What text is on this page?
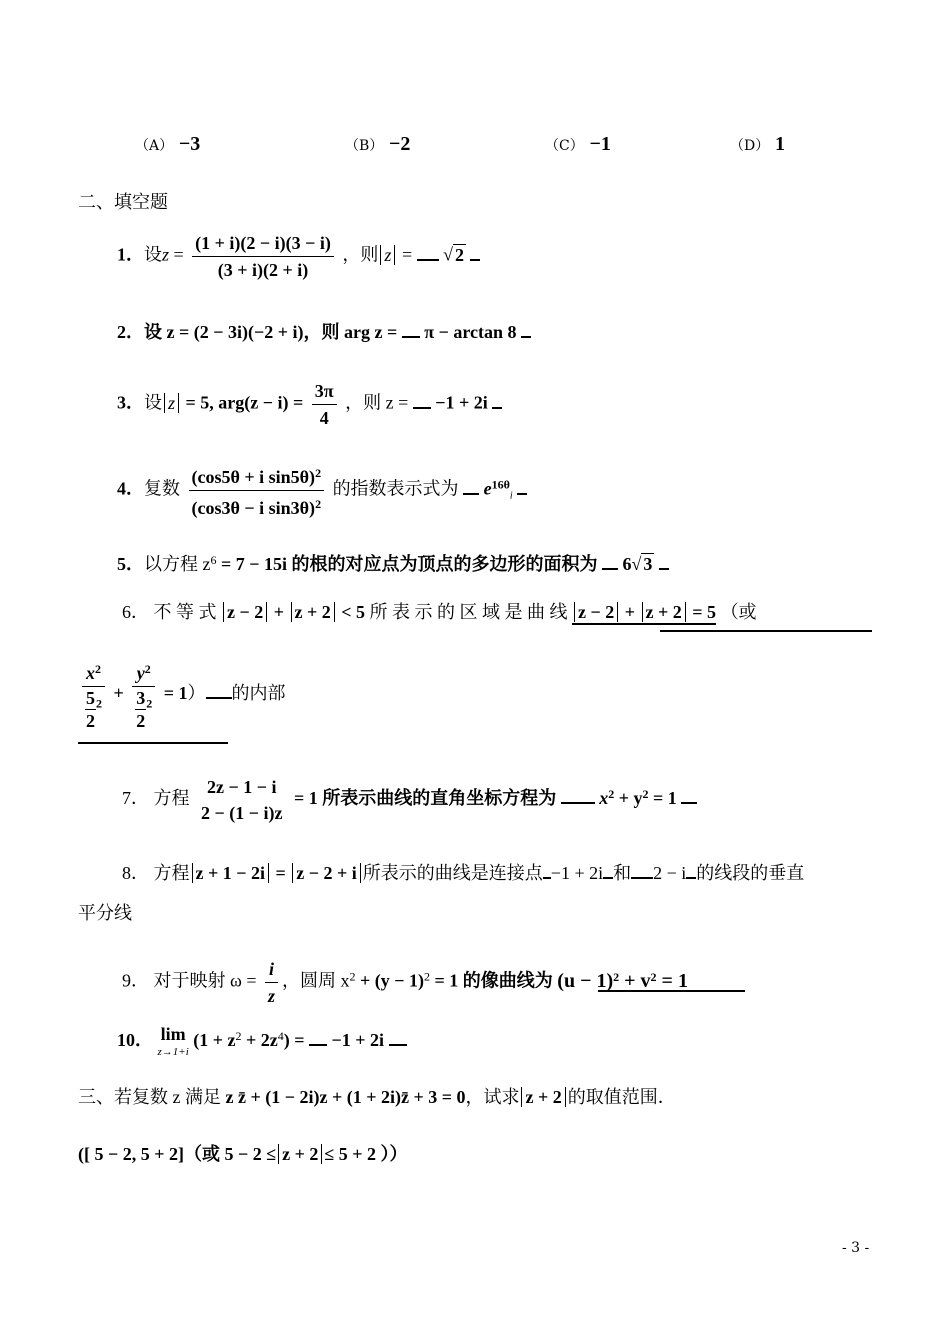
（A） −3	（B） −2	（C） −1	（D） 1
二、填空题
1．设$z = \frac{(1 + i)(2 - i)(3 - i)}{(3 + i)(2 + i)}$ ，则 z =  √ 2
2．设 z = (2 − 3i)(−2 + i)，则 arg z =  π − arctan 8
3．设 z = 5, $arg(z - i) = \frac{3\pi}{4}$ ，则 z =  −1 + 2i
4．复数 $\frac{(\cos 5\theta + i \sin 5\theta)^2}{(\cos 3\theta - i \sin 3\theta)^2}$ 的指数表示式为 $e^{16\theta}_i$
5．以方程 $z^6 = 7 - 15i$ 的根的对应点为顶点的多边形的面积为 6√ 3
6． 不 等 式 z − 2 + z + 2 < 5 所 表 示 的 区 域 是 曲 线 z − 2 + z + 2 = 5 （或
$\frac{x^2}{\frac{5}{2} ^2} + \frac{y^2}{\frac{3}{2} ^2} = 1$） 的内部
7． 方程
2z − 1 − i
2 − (1 − i)z
= 1 所表示曲线的直角坐标方程为 $x^2 + y^2 = 1$
8． 方程 z + 1 − 2i = z − 2 + i 所表示的曲线是连接点 −1 + 2i 和 2 − i 的线段的垂直
平分线
9． 对于映射 $\omega = \frac{i}{z}$ ，圆周 $x^2 + (y - 1)^2 = 1$ 的像曲线为 $(u - 1)^2 + v^2 = 1$
10． lim
z→1+i
$(1 + z^2 + 2z^4) = -1 + 2i$
三、若复数 z 满足 z z̄ + (1 − 2i)z + (1 + 2i)z̄ + 3 = 0，试求 z + 2 的取值范围．
([ 5 − 2, 5 + 2]（或 5 − 2 ≤ z + 2 ≤ 5 + 2 ））
- 3 -
